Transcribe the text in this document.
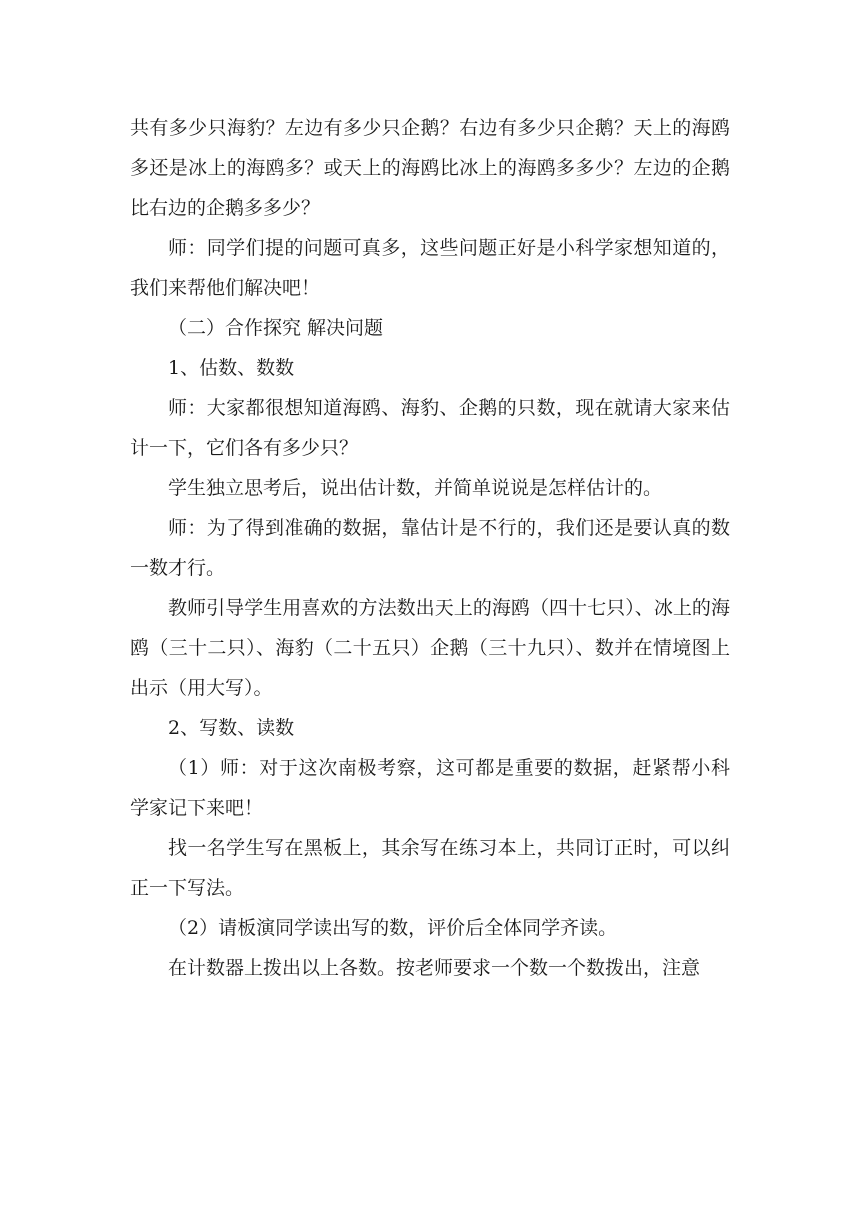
共有多少只海豹？左边有多少只企鹅？右边有多少只企鹅？天上的海鸥多还是冰上的海鸥多？或天上的海鸥比冰上的海鸥多多少？左边的企鹅比右边的企鹅多多少？

师：同学们提的问题可真多，这些问题正好是小科学家想知道的，我们来帮他们解决吧！

（二）合作探究 解决问题

1、估数、数数

师：大家都很想知道海鸥、海豹、企鹅的只数，现在就请大家来估计一下，它们各有多少只？

学生独立思考后，说出估计数，并简单说说是怎样估计的。

师：为了得到准确的数据，靠估计是不行的，我们还是要认真的数一数才行。

教师引导学生用喜欢的方法数出天上的海鸥（四十七只）、冰上的海鸥（三十二只）、海豹（二十五只）企鹅（三十九只）、数并在情境图上出示（用大写）。

2、写数、读数

（1）师：对于这次南极考察，这可都是重要的数据，赶紧帮小科学家记下来吧！

找一名学生写在黑板上，其余写在练习本上，共同订正时，可以纠正一下写法。

（2）请板演同学读出写的数，评价后全体同学齐读。

在计数器上拨出以上各数。按老师要求一个数一个数拨出，注意
